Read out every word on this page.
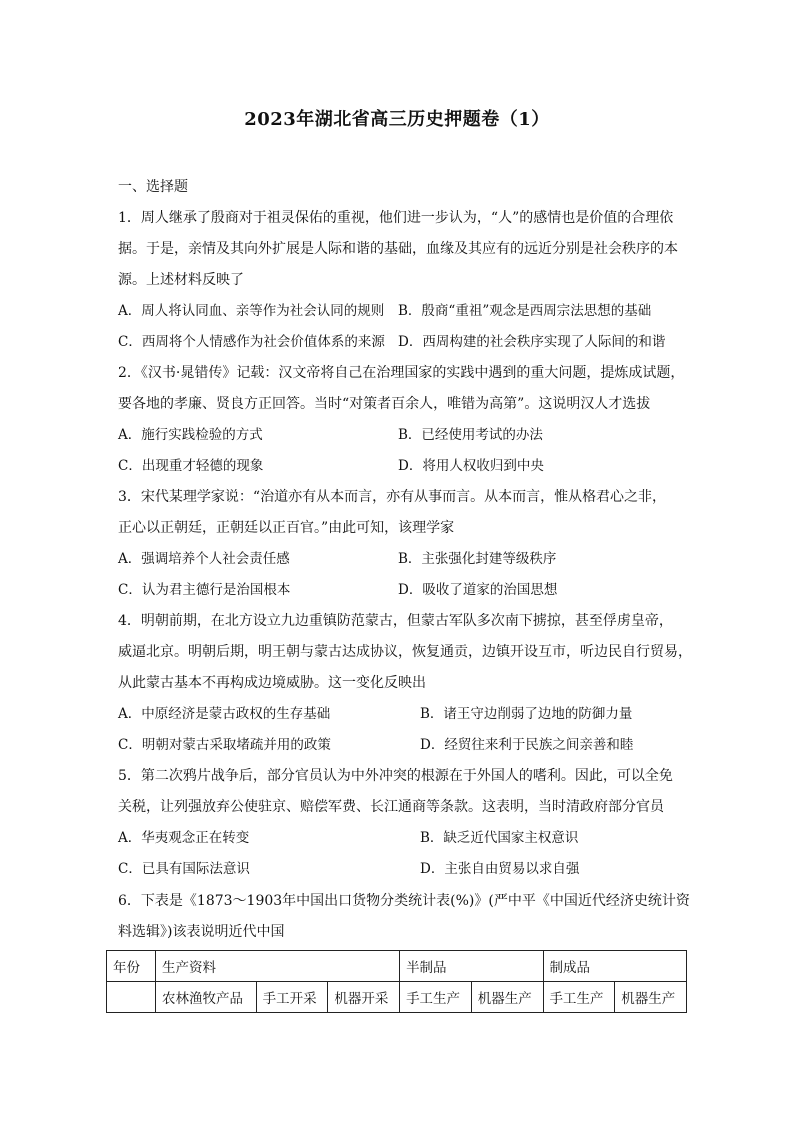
2023年湖北省高三历史押题卷（1）
一、选择题
1．周人继承了殷商对于祖灵保佑的重视，他们进一步认为，“人”的感情也是价值的合理依
据。于是，亲情及其向外扩展是人际和谐的基础，血缘及其应有的远近分别是社会秩序的本
源。上述材料反映了
A．周人将认同血、亲等作为社会认同的规则 B．殷商“重祖”观念是西周宗法思想的基础
C．西周将个人情感作为社会价值体系的来源 D．西周构建的社会秩序实现了人际间的和谐
2．《汉书·晁错传》记载：汉文帝将自己在治理国家的实践中遇到的重大问题，提炼成试题，
要各地的孝廉、贤良方正回答。当时“对策者百余人，唯错为高第”。这说明汉人才选拔
A．施行实践检验的方式	B．已经使用考试的办法
C．出现重才轻德的现象	D．将用人权收归到中央
3．宋代某理学家说：“治道亦有从本而言，亦有从事而言。从本而言，惟从格君心之非，
正心以正朝廷，正朝廷以正百官。”由此可知，该理学家
A．强调培养个人社会责任感	B．主张强化封建等级秩序
C．认为君主德行是治国根本	D．吸收了道家的治国思想
4．明朝前期，在北方设立九边重镇防范蒙古，但蒙古军队多次南下掳掠，甚至俘虏皇帝，
威逼北京。明朝后期，明王朝与蒙古达成协议，恢复通贡，边镇开设互市，听边民自行贸易，
从此蒙古基本不再构成边境威胁。这一变化反映出
A．中原经济是蒙古政权的生存基础	B．诸王守边削弱了边地的防御力量
C．明朝对蒙古采取堵疏并用的政策	D．经贸往来利于民族之间亲善和睦
5．第二次鸦片战争后，部分官员认为中外冲突的根源在于外国人的嗜利。因此，可以全免
关税，让列强放弃公使驻京、赔偿军费、长江通商等条款。这表明，当时清政府部分官员
A．华夷观念正在转变	B．缺乏近代国家主权意识
C．已具有国际法意识	D．主张自由贸易以求自强
6．下表是《1873～1903年中国出口货物分类统计表(%)》(严中平《中国近代经济史统计资
料选辑》)该表说明近代中国
年份	生产资料			半制品		制成品	
	农林渔牧产品	手工开采	机器开采	手工生产	机器生产	手工生产	机器生产
